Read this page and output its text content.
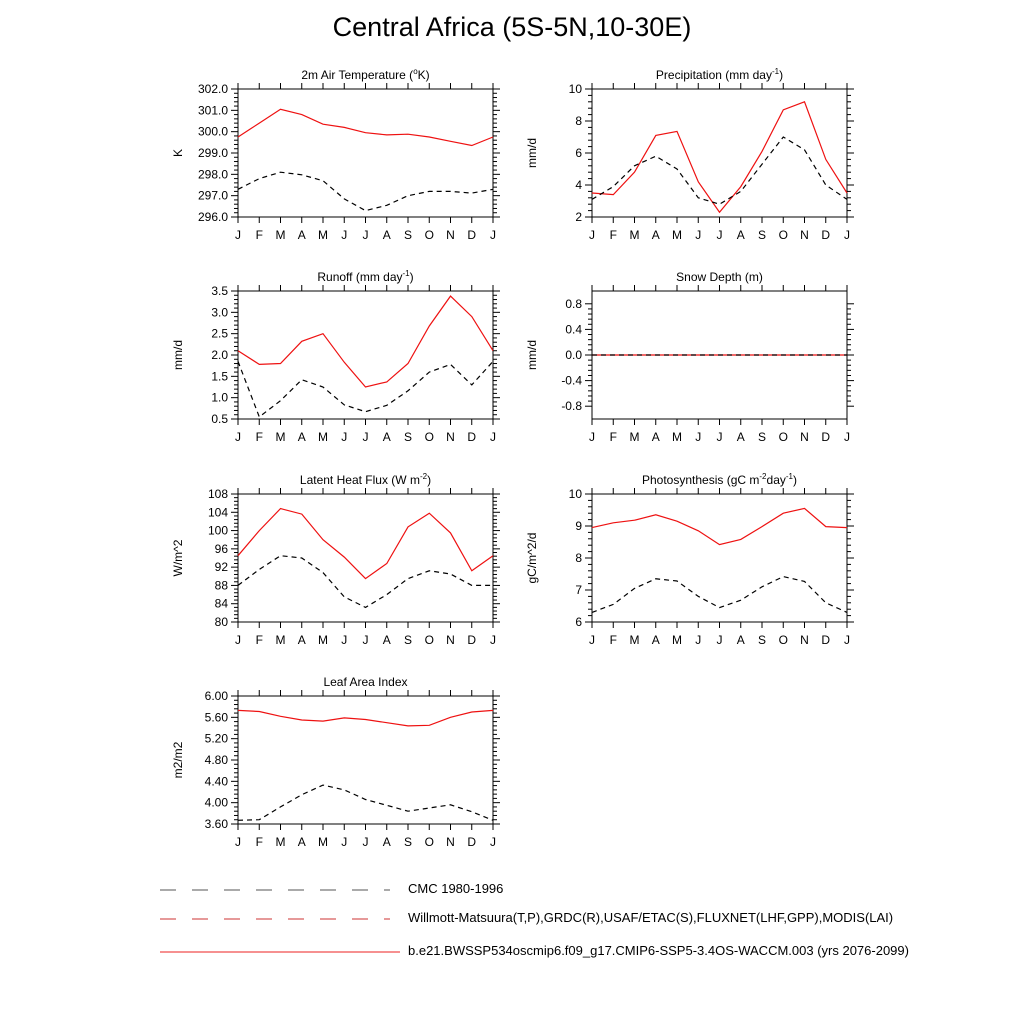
Central Africa (5S-5N,10-30E)
2m Air Temperature ($^o$K)
K
296.0
297.0
298.0
299.0
300.0
301.0
302.0
J F M A M J J A S O N D J
Precipitation (mm day$^{-1}$)
mm/d
2
4
6
8
10
J F M A M J J A S O N D J
Runoff (mm day$^{-1}$)
mm/d
0.5
1.0
1.5
2.0
2.5
3.0
3.5
J F M A M J J A S O N D J
Snow Depth (m)
mm/d
-0.8
-0.4
0.0
0.4
0.8
J F M A M J J A S O N D J
Latent Heat Flux (W $m^{-2}$)
W/m^2
80
84
88
92
96
100
104
108
J F M A M J J A S O N D J
Photosynthesis (gC $m^{-2}day^{-1}$)
gC/m^2/d
6
7
8
9
10
J F M A M J J A S O N D J
Leaf Area Index
m2/m2
3.60
4.00
4.40
4.80
5.20
5.60
6.00
J F M A M J J A S O N D J
CMC 1980-1996
Willmott-Matsuura(T,P),GRDC(R),USAF/ETAC(S),FLUXNET(LHF,GPP),MODIS(LAI)
b.e21.BWSSP534oscmip6.f09_g17.CMIP6-SSP5-3.4OS-WACCM.003 (yrs 2076-2099)
